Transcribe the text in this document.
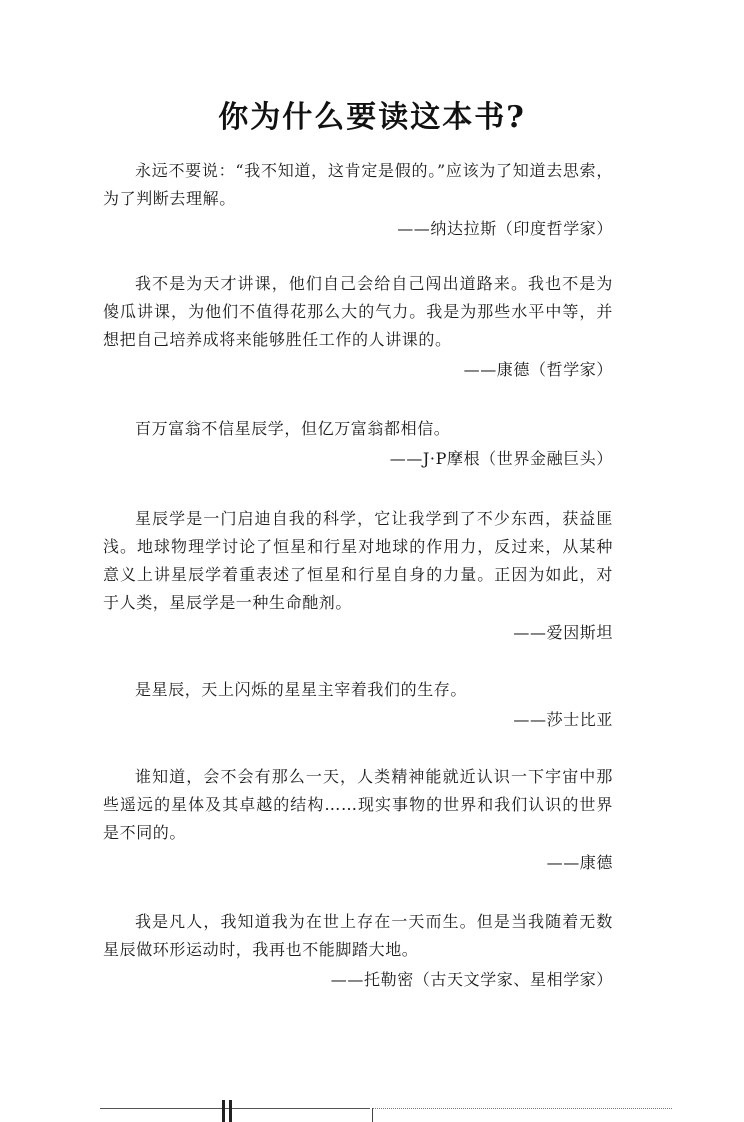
你为什么要读这本书?

永远不要说：“我不知道，这肯定是假的。”应该为了知道去思索，为了判断去理解。

——纳达拉斯（印度哲学家）

我不是为天才讲课，他们自己会给自己闯出道路来。我也不是为傻瓜讲课，为他们不值得花那么大的气力。我是为那些水平中等，并想把自己培养成将来能够胜任工作的人讲课的。

——康德（哲学家）

百万富翁不信星辰学，但亿万富翁都相信。

——J·P摩根（世界金融巨头）

星辰学是一门启迪自我的科学，它让我学到了不少东西，获益匪浅。地球物理学讨论了恒星和行星对地球的作用力，反过来，从某种意义上讲星辰学着重表述了恒星和行星自身的力量。正因为如此，对于人类，星辰学是一种生命酏剂。

——爱因斯坦

是星辰，天上闪烁的星星主宰着我们的生存。

——莎士比亚

谁知道，会不会有那么一天，人类精神能就近认识一下宇宙中那些遥远的星体及其卓越的结构……现实事物的世界和我们认识的世界是不同的。

——康德

我是凡人，我知道我为在世上存在一天而生。但是当我随着无数星辰做环形运动时，我再也不能脚踏大地。

——托勒密（古天文学家、星相学家）
